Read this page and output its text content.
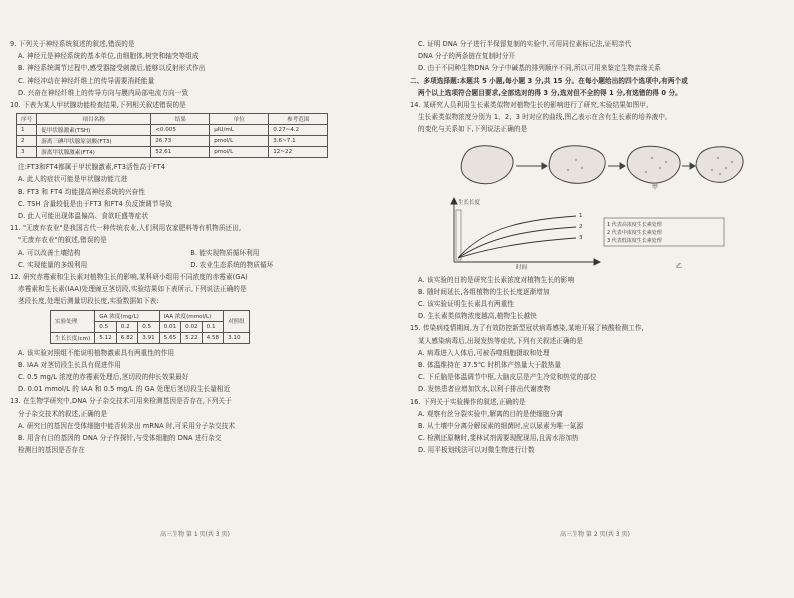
9. 下列关于神经系统叙述的叙述,错误的是
A. 神经元是神经系统的基本单位,由细胞体,树突和轴突等组成
B. 神经系统调节过程中,感受器接受刺激后,能够以反射形式作出
C. 神经冲动在神经纤维上的传导需要消耗能量
D. 兴奋在神经纤维上的传导方向与膜内局部电流方向一致
10. 下表为某人甲状腺功能检查结果,下列相关叙述错误的是
序号	项目名称	结果	单位	参考范围
1	促甲状腺激素(TSH)	<0.005	μIU/mL	0.27~4.2
2	游离三碘甲状腺原氨酸(FT3)	26.73	pmol/L	3.6~7.1
3	游离甲状腺激素(FT4)	52.61	pmol/L	12~22
注:FT3和FT4都属于甲状腺激素,FT3活性高于FT4
A. 此人的症状可能是甲状腺功能亢进
B. FT3 和 FT4 均能提高神经系统的兴奋性
C. TSH 含量较低是由于FT3 和FT4 负反馈调节导致
D. 此人可能出现体温偏高、食欲旺盛等症状
11. "无废弃农业"是我国古代一种传统农业,人们利用农家肥料等有机物质还田,
"无废弃农业"的叙述,错误的是
A. 可以改善土壤结构	B. 能实现物质循环利用
C. 实现能量的多级利用	D. 农业生态系统的物质循环
12. 研究赤霉素和生长素对植物生长的影响,某科研小组用不同浓度的赤霉素(GA)
赤霉素和生长素(IAA)处理豌豆茎切段,实验结果如下表所示,下列说法正确的是
茎段长度,处理后测量切段长度,实验数据如下表:
实验处理	GA 浓度(mg/L)			IAA 浓度(mmol/L)			对照组
	0.5	0.2	0.5	0.01	0.02	0.1	
生长长度(cm)	5.12	6.82	3.91	5.65	5.22	4.58	3.10
A. 该实验对照组不能说明植物激素具有两重性的作用
B. IAA 对茎切段生长具有促进作用
C. 0.5 mg/L 浓度的赤霉素处理后,茎切段的伸长效果最好
D. 0.01 mmol/L 的 IAA 和 0.5 mg/L 的 GA 处理后茎切段生长量相近
13. 在生物学研究中,DNA 分子杂交技术可用来检测基因是否存在,下列关于
分子杂交技术的叙述,正确的是
A. 研究目的基因在受体细胞中能否转录出 mRNA 时,可采用分子杂交技术
B. 用含有目的基因的 DNA 分子作探针,与受体细胞的 DNA 进行杂交
检测目的基因是否存在
高三生物 第 1 页(共 3 页)
C. 证明 DNA 分子进行半保留复制的实验中,可用同位素标记法,证明亲代
DNA 分子的两条链在复制时分开
D. 由于不同种生物DNA 分子中碱基的排列顺序不同,所以可用来鉴定生物亲缘关系
二、多项选择题:本题共 5 小题,每小题 3 分,共 15 分。在每小题给出的四个选项中,有两个或
两个以上选项符合题目要求,全部选对的得 3 分,选对但不全的得 1 分,有选错的得 0 分。
14. 某研究人员利用生长素类似物对植物生长的影响进行了研究,实验结果如图甲,
生长素类似物浓度分别为 1、2、3 时对应的曲线,图乙表示在含有生长素的培养液中,
的变化与关系如下,下列说法正确的是
甲
生长长度
时间
1
2
3
1 代表高浓度生长素处理
2 代表中浓度生长素处理
3 代表低浓度生长素处理
乙
A. 该实验的目的是研究生长素浓度对植物生长的影响
B. 随时间延长,各组植物的生长长度逐渐增加
C. 该实验证明生长素具有两重性
D. 生长素类似物浓度越高,植物生长越快
15. 传染病疫情期间,为了有效防控新型冠状病毒感染,某地开展了核酸检测工作,
某人感染病毒后,出现发热等症状,下列有关叙述正确的是
A. 病毒进入人体后,可被吞噬细胞摄取和处理
B. 体温维持在 37.5℃ 时机体产热量大于散热量
C. 下丘脑是体温调节中枢,大脑皮层是产生冷觉和热觉的部位
D. 发热患者应增加饮水,以利于排出代谢废物
16. 下列关于实验操作的叙述,正确的是
A. 观察有丝分裂实验中,解离的目的是使细胞分离
B. 从土壤中分离分解尿素的细菌时,应以尿素为唯一氮源
C. 检测还原糖时,斐林试剂需要现配现用,且需水浴加热
D. 用平板划线法可以对微生物进行计数
高三生物 第 2 页(共 3 页)
